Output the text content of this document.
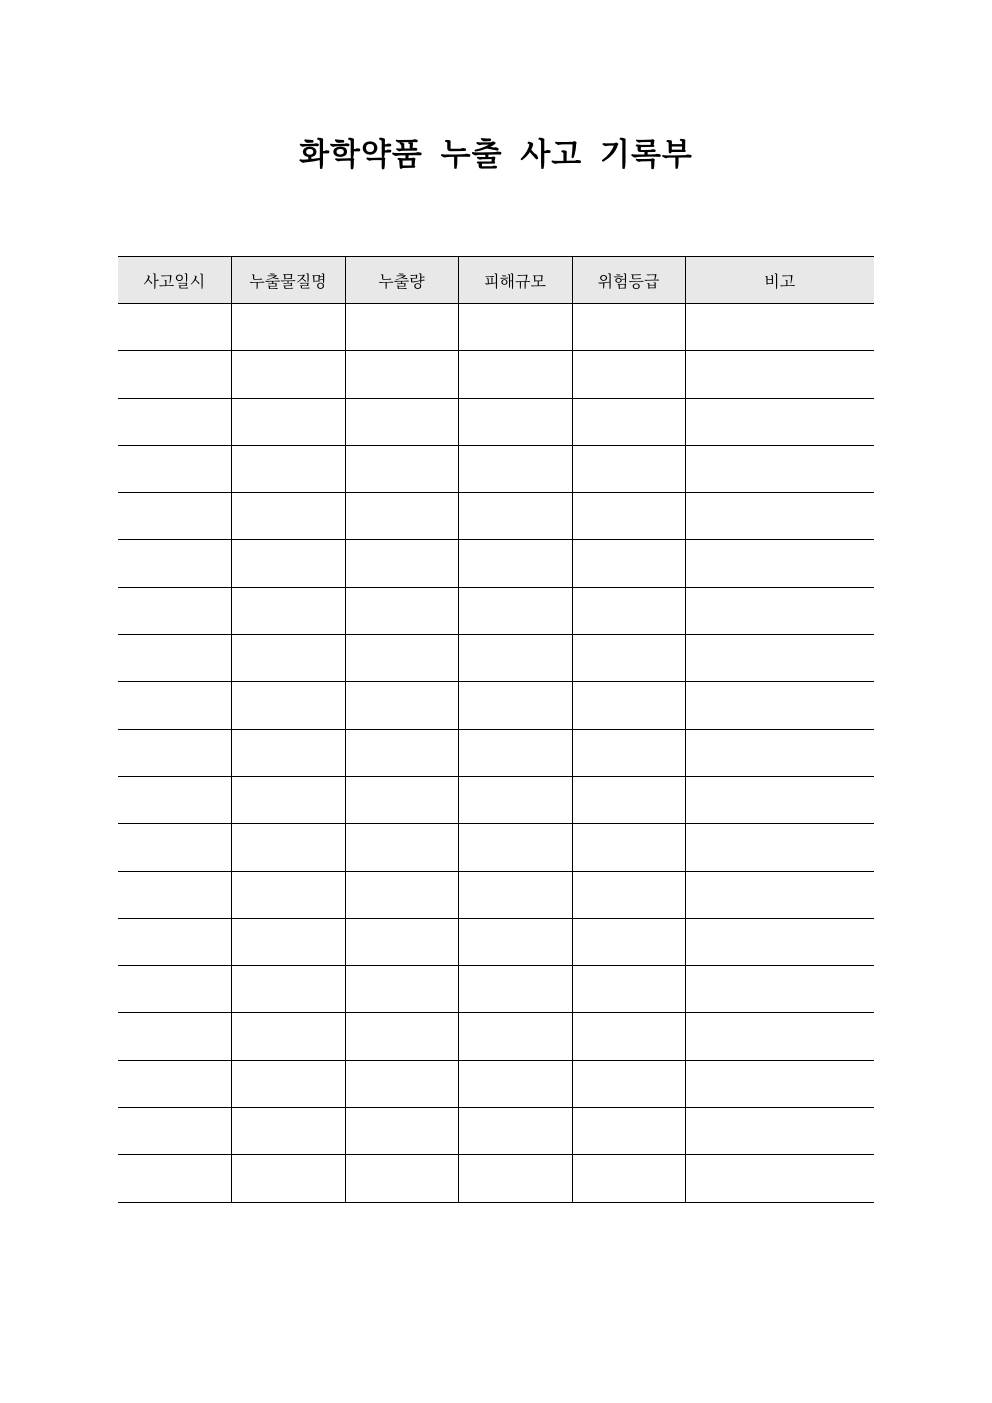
화학약품 누출 사고 기록부
사고일시	누출물질명	누출량	피해규모	위험등급	비고
